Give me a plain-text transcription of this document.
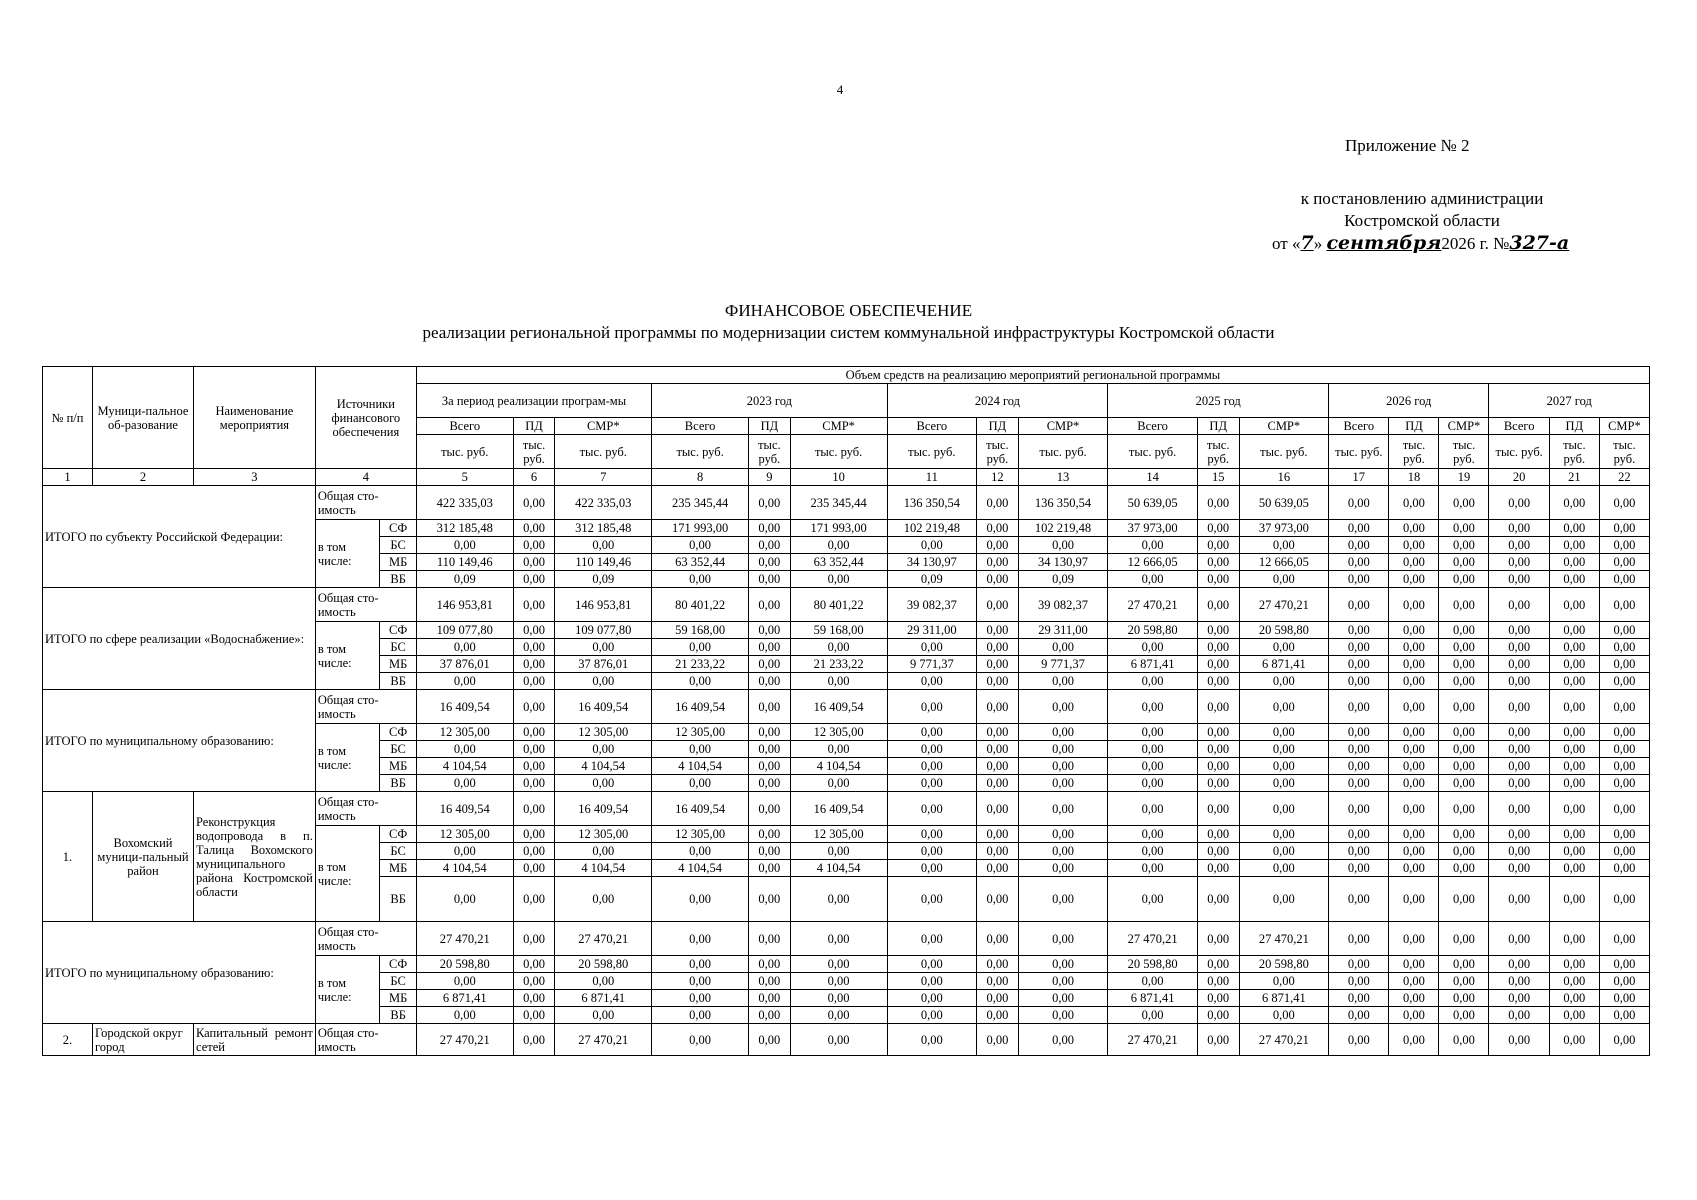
4
Приложение № 2
к постановлению администрации
Костромской области
от «7» сентября2026 г. №327-а
ФИНАНСОВОЕ ОБЕСПЕЧЕНИЕ
реализации региональной программы по модернизации систем коммунальной инфраструктуры Костромской области
№ п/п	Муници-пальное об-разование	Наименование мероприятия	Источники финансового обеспечения		Объем средств на реализацию мероприятий региональной программы																	
					За период реализации програм-мы			2023 год			2024 год			2025 год			2026 год			2027 год		
					Всего	ПД	СМР*	Всего	ПД	СМР*	Всего	ПД	СМР*	Всего	ПД	СМР*	Всего	ПД	СМР*	Всего	ПД	СМР*
					тыс. руб.	тыс. руб.	тыс. руб.	тыс. руб.	тыс. руб.	тыс. руб.	тыс. руб.	тыс. руб.	тыс. руб.	тыс. руб.	тыс. руб.	тыс. руб.	тыс. руб.	тыс. руб.	тыс. руб.	тыс. руб.	тыс. руб.	тыс. руб.
1	2	3	4		5	6	7	8	9	10	11	12	13	14	15	16	17	18	19	20	21	22
ИТОГО по субъекту Российской Федерации:			Общая сто-имость		422 335,03	0,00	422 335,03	235 345,44	0,00	235 345,44	136 350,54	0,00	136 350,54	50 639,05	0,00	50 639,05	0,00	0,00	0,00	0,00	0,00	0,00
			в том числе:	СФ	312 185,48	0,00	312 185,48	171 993,00	0,00	171 993,00	102 219,48	0,00	102 219,48	37 973,00	0,00	37 973,00	0,00	0,00	0,00	0,00	0,00	0,00
				БС	0,00	0,00	0,00	0,00	0,00	0,00	0,00	0,00	0,00	0,00	0,00	0,00	0,00	0,00	0,00	0,00	0,00	0,00
				МБ	110 149,46	0,00	110 149,46	63 352,44	0,00	63 352,44	34 130,97	0,00	34 130,97	12 666,05	0,00	12 666,05	0,00	0,00	0,00	0,00	0,00	0,00
				ВБ	0,09	0,00	0,09	0,00	0,00	0,00	0,09	0,00	0,09	0,00	0,00	0,00	0,00	0,00	0,00	0,00	0,00	0,00
ИТОГО по сфере реализации «Водоснабжение»:			Общая сто-имость		146 953,81	0,00	146 953,81	80 401,22	0,00	80 401,22	39 082,37	0,00	39 082,37	27 470,21	0,00	27 470,21	0,00	0,00	0,00	0,00	0,00	0,00
			в том числе:	СФ	109 077,80	0,00	109 077,80	59 168,00	0,00	59 168,00	29 311,00	0,00	29 311,00	20 598,80	0,00	20 598,80	0,00	0,00	0,00	0,00	0,00	0,00
				БС	0,00	0,00	0,00	0,00	0,00	0,00	0,00	0,00	0,00	0,00	0,00	0,00	0,00	0,00	0,00	0,00	0,00	0,00
				МБ	37 876,01	0,00	37 876,01	21 233,22	0,00	21 233,22	9 771,37	0,00	9 771,37	6 871,41	0,00	6 871,41	0,00	0,00	0,00	0,00	0,00	0,00
				ВБ	0,00	0,00	0,00	0,00	0,00	0,00	0,00	0,00	0,00	0,00	0,00	0,00	0,00	0,00	0,00	0,00	0,00	0,00
ИТОГО по муниципальному образованию:			Общая сто-имость		16 409,54	0,00	16 409,54	16 409,54	0,00	16 409,54	0,00	0,00	0,00	0,00	0,00	0,00	0,00	0,00	0,00	0,00	0,00	0,00
			в том числе:	СФ	12 305,00	0,00	12 305,00	12 305,00	0,00	12 305,00	0,00	0,00	0,00	0,00	0,00	0,00	0,00	0,00	0,00	0,00	0,00	0,00
				БС	0,00	0,00	0,00	0,00	0,00	0,00	0,00	0,00	0,00	0,00	0,00	0,00	0,00	0,00	0,00	0,00	0,00	0,00
				МБ	4 104,54	0,00	4 104,54	4 104,54	0,00	4 104,54	0,00	0,00	0,00	0,00	0,00	0,00	0,00	0,00	0,00	0,00	0,00	0,00
				ВБ	0,00	0,00	0,00	0,00	0,00	0,00	0,00	0,00	0,00	0,00	0,00	0,00	0,00	0,00	0,00	0,00	0,00	0,00
1.	Вохомский муници-пальный район	Реконструкция водопровода в п. Талица Вохомского муниципального района Костромской области	Общая сто-имость		16 409,54	0,00	16 409,54	16 409,54	0,00	16 409,54	0,00	0,00	0,00	0,00	0,00	0,00	0,00	0,00	0,00	0,00	0,00	0,00
			в том числе:	СФ	12 305,00	0,00	12 305,00	12 305,00	0,00	12 305,00	0,00	0,00	0,00	0,00	0,00	0,00	0,00	0,00	0,00	0,00	0,00	0,00
				БС	0,00	0,00	0,00	0,00	0,00	0,00	0,00	0,00	0,00	0,00	0,00	0,00	0,00	0,00	0,00	0,00	0,00	0,00
				МБ	4 104,54	0,00	4 104,54	4 104,54	0,00	4 104,54	0,00	0,00	0,00	0,00	0,00	0,00	0,00	0,00	0,00	0,00	0,00	0,00
				ВБ	0,00	0,00	0,00	0,00	0,00	0,00	0,00	0,00	0,00	0,00	0,00	0,00	0,00	0,00	0,00	0,00	0,00	0,00
ИТОГО по муниципальному образованию:			Общая сто-имость		27 470,21	0,00	27 470,21	0,00	0,00	0,00	0,00	0,00	0,00	27 470,21	0,00	27 470,21	0,00	0,00	0,00	0,00	0,00	0,00
			в том числе:	СФ	20 598,80	0,00	20 598,80	0,00	0,00	0,00	0,00	0,00	0,00	20 598,80	0,00	20 598,80	0,00	0,00	0,00	0,00	0,00	0,00
				БС	0,00	0,00	0,00	0,00	0,00	0,00	0,00	0,00	0,00	0,00	0,00	0,00	0,00	0,00	0,00	0,00	0,00	0,00
				МБ	6 871,41	0,00	6 871,41	0,00	0,00	0,00	0,00	0,00	0,00	6 871,41	0,00	6 871,41	0,00	0,00	0,00	0,00	0,00	0,00
				ВБ	0,00	0,00	0,00	0,00	0,00	0,00	0,00	0,00	0,00	0,00	0,00	0,00	0,00	0,00	0,00	0,00	0,00	0,00
2.	Городской округ город	Капитальный ремонт сетей	Общая сто-имость		27 470,21	0,00	27 470,21	0,00	0,00	0,00	0,00	0,00	0,00	27 470,21	0,00	27 470,21	0,00	0,00	0,00	0,00	0,00	0,00
